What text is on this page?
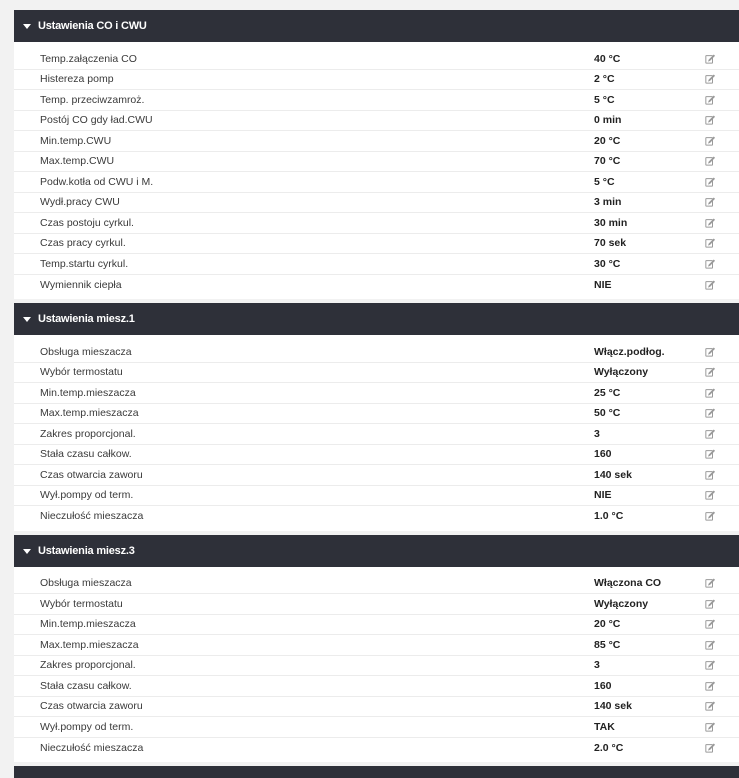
Ustawienia CO i CWU
Temp.załączenia CO	40 °C
Histereza pomp	2 °C
Temp. przeciwzamroż.	5 °C
Postój CO gdy ład.CWU	0 min
Min.temp.CWU	20 °C
Max.temp.CWU	70 °C
Podw.kotła od CWU i M.	5 °C
Wydł.pracy CWU	3 min
Czas postoju cyrkul.	30 min
Czas pracy cyrkul.	70 sek
Temp.startu cyrkul.	30 °C
Wymiennik ciepła	NIE
Ustawienia miesz.1
Obsługa mieszacza	Włącz.podłog.
Wybór termostatu	Wyłączony
Min.temp.mieszacza	25 °C
Max.temp.mieszacza	50 °C
Zakres proporcjonal.	3
Stała czasu całkow.	160
Czas otwarcia zaworu	140 sek
Wył.pompy od term.	NIE
Nieczułość mieszacza	1.0 °C
Ustawienia miesz.3
Obsługa mieszacza	Włączona CO
Wybór termostatu	Wyłączony
Min.temp.mieszacza	20 °C
Max.temp.mieszacza	85 °C
Zakres proporcjonal.	3
Stała czasu całkow.	160
Czas otwarcia zaworu	140 sek
Wył.pompy od term.	TAK
Nieczułość mieszacza	2.0 °C
